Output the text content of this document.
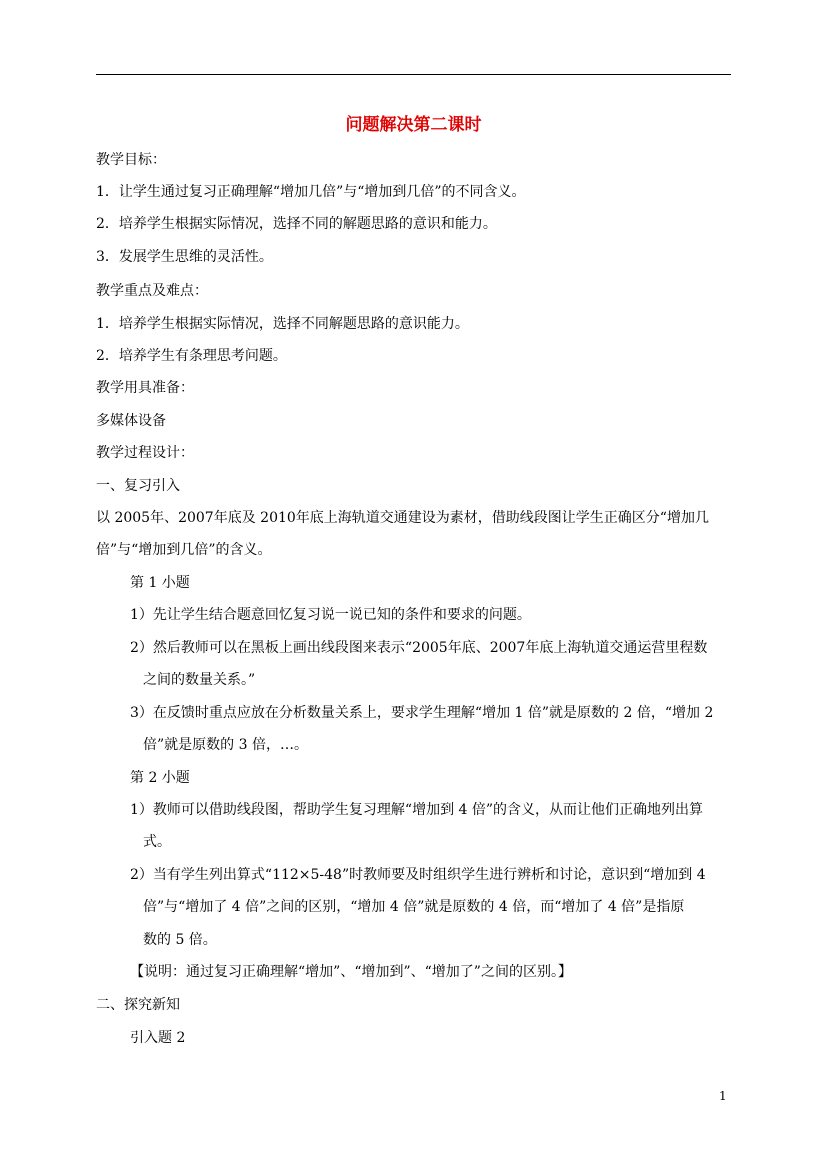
问题解决第二课时
教学目标：
1．让学生通过复习正确理解“增加几倍”与“增加到几倍”的不同含义。
2．培养学生根据实际情况，选择不同的解题思路的意识和能力。
3．发展学生思维的灵活性。
教学重点及难点：
1．培养学生根据实际情况，选择不同解题思路的意识能力。
2．培养学生有条理思考问题。
教学用具准备：
多媒体设备
教学过程设计：
一、复习引入
以 2005年、2007年底及 2010年底上海轨道交通建设为素材，借助线段图让学生正确区分“增加几
倍”与“增加到几倍”的含义。
第 1 小题
1）先让学生结合题意回忆复习说一说已知的条件和要求的问题。
2）然后教师可以在黑板上画出线段图来表示“2005年底、2007年底上海轨道交通运营里程数
之间的数量关系。”
3）在反馈时重点应放在分析数量关系上，要求学生理解“增加 1 倍”就是原数的 2 倍，“增加 2
倍”就是原数的 3 倍，…。
第 2 小题
1）教师可以借助线段图，帮助学生复习理解“增加到 4 倍”的含义，从而让他们正确地列出算
式。
2）当有学生列出算式“112×5-48”时教师要及时组织学生进行辨析和讨论，意识到“增加到 4
倍”与“增加了 4 倍”之间的区别，“增加 4 倍”就是原数的 4 倍，而“增加了 4 倍”是指原
数的 5 倍。
【说明：通过复习正确理解“增加”、“增加到”、“增加了”之间的区别。】
二、探究新知
引入题 2
1
